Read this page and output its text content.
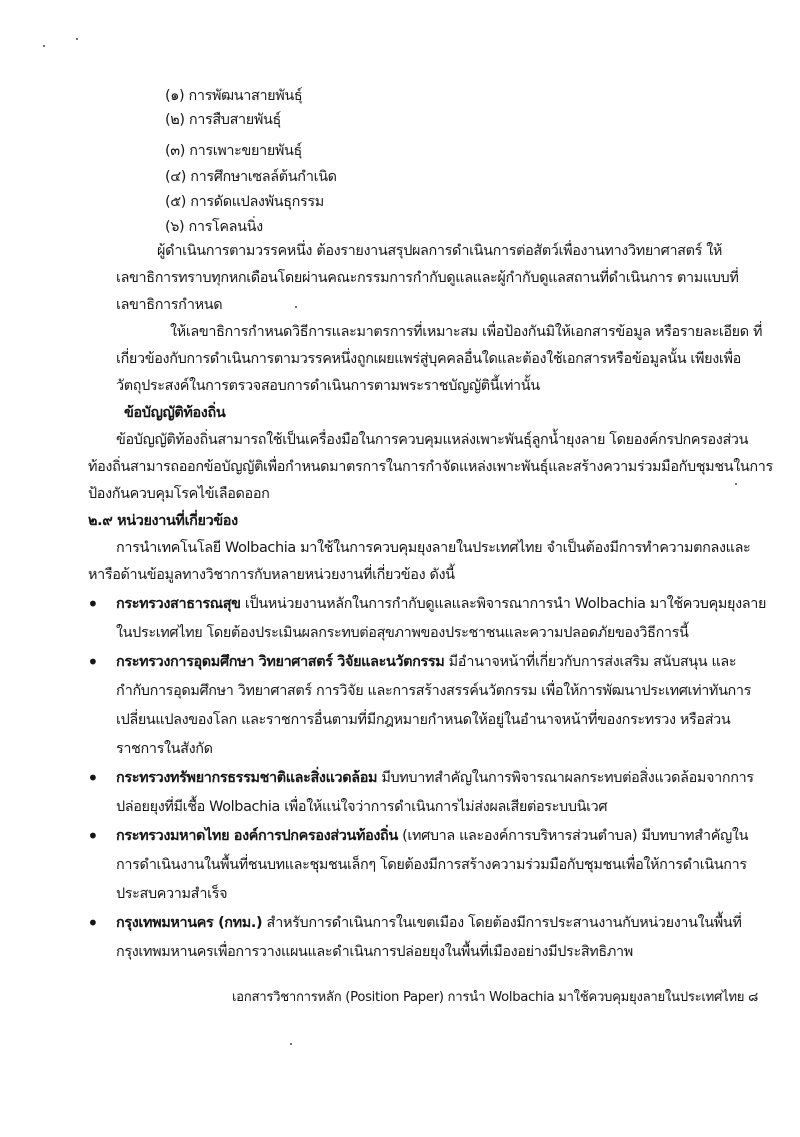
(๑) การพัฒนาสายพันธุ์
(๒) การสืบสายพันธุ์
(๓) การเพาะขยายพันธุ์
(๔) การศึกษาเซลล์ต้นกำเนิด
(๕) การดัดแปลงพันธุกรรม
(๖) การโคลนนิ่ง
ผู้ดำเนินการตามวรรคหนึ่ง ต้องรายงานสรุปผลการดำเนินการต่อสัตว์เพื่องานทางวิทยาศาสตร์ ให้
เลขาธิการทราบทุกหกเดือนโดยผ่านคณะกรรมการกำกับดูแลและผู้กำกับดูแลสถานที่ดำเนินการ ตามแบบที่
เลขาธิการกำหนด
ให้เลขาธิการกำหนดวิธีการและมาตรการที่เหมาะสม เพื่อป้องกันมิให้เอกสารข้อมูล หรือรายละเอียด ที่
เกี่ยวข้องกับการดำเนินการตามวรรคหนึ่งถูกเผยแพร่สู่บุคคลอื่นใดและต้องใช้เอกสารหรือข้อมูลนั้น เพียงเพื่อ
วัตถุประสงค์ในการตรวจสอบการดำเนินการตามพระราชบัญญัตินี้เท่านั้น
ข้อบัญญัติท้องถิ่น
ข้อบัญญัติท้องถิ่นสามารถใช้เป็นเครื่องมือในการควบคุมแหล่งเพาะพันธุ์ลูกน้ำยุงลาย โดยองค์กรปกครองส่วน
ท้องถิ่นสามารถออกข้อบัญญัติเพื่อกำหนดมาตรการในการกำจัดแหล่งเพาะพันธุ์และสร้างความร่วมมือกับชุมชนในการ
ป้องกันควบคุมโรคไข้เลือดออก
๒.๙ หน่วยงานที่เกี่ยวข้อง
การนำเทคโนโลยี Wolbachia มาใช้ในการควบคุมยุงลายในประเทศไทย จำเป็นต้องมีการทำความตกลงและ
หารือด้านข้อมูลทางวิชาการกับหลายหน่วยงานที่เกี่ยวข้อง ดังนี้
• กระทรวงสาธารณสุข เป็นหน่วยงานหลักในการกำกับดูแลและพิจารณาการนำ Wolbachia มาใช้ควบคุมยุงลาย
ในประเทศไทย โดยต้องประเมินผลกระทบต่อสุขภาพของประชาชนและความปลอดภัยของวิธีการนี้
• กระทรวงการอุดมศึกษา วิทยาศาสตร์ วิจัยและนวัตกรรม มีอำนาจหน้าที่เกี่ยวกับการส่งเสริม สนับสนุน และ
กำกับการอุดมศึกษา วิทยาศาสตร์ การวิจัย และการสร้างสรรค์นวัตกรรม เพื่อให้การพัฒนาประเทศเท่าทันการ
เปลี่ยนแปลงของโลก และราชการอื่นตามที่มีกฎหมายกำหนดให้อยู่ในอำนาจหน้าที่ของกระทรวง หรือส่วน
ราชการในสังกัด
• กระทรวงทรัพยากรธรรมชาติและสิ่งแวดล้อม มีบทบาทสำคัญในการพิจารณาผลกระทบต่อสิ่งแวดล้อมจากการ
ปล่อยยุงที่มีเชื้อ Wolbachia เพื่อให้แน่ใจว่าการดำเนินการไม่ส่งผลเสียต่อระบบนิเวศ
• กระทรวงมหาดไทย องค์การปกครองส่วนท้องถิ่น (เทศบาล และองค์การบริหารส่วนตำบล) มีบทบาทสำคัญใน
การดำเนินงานในพื้นที่ชนบทและชุมชนเล็กๆ โดยต้องมีการสร้างความร่วมมือกับชุมชนเพื่อให้การดำเนินการ
ประสบความสำเร็จ
• กรุงเทพมหานคร (กทม.) สำหรับการดำเนินการในเขตเมือง โดยต้องมีการประสานงานกับหน่วยงานในพื้นที่
กรุงเทพมหานครเพื่อการวางแผนและดำเนินการปล่อยยุงในพื้นที่เมืองอย่างมีประสิทธิภาพ
เอกสารวิชาการหลัก (Position Paper) การนำ Wolbachia มาใช้ควบคุมยุงลายในประเทศไทย ๘
